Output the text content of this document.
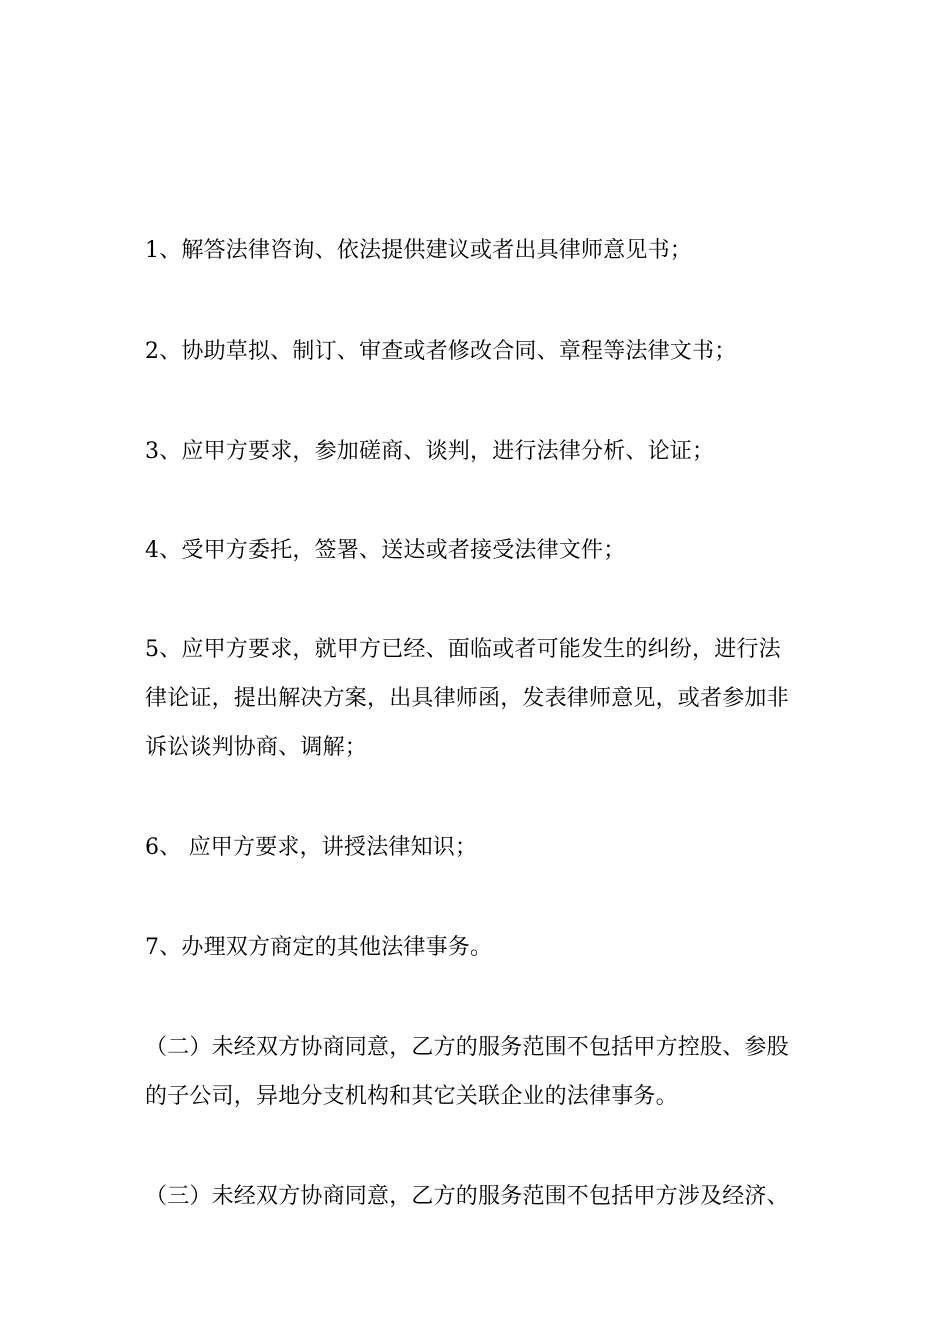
1、解答法律咨询、依法提供建议或者出具律师意见书；
2、协助草拟、制订、审查或者修改合同、章程等法律文书；
3、应甲方要求，参加磋商、谈判，进行法律分析、论证；
4、受甲方委托，签署、送达或者接受法律文件；
5、应甲方要求，就甲方已经、面临或者可能发生的纠纷，进行法
律论证，提出解决方案，出具律师函，发表律师意见，或者参加非
诉讼谈判协商、调解；
6、 应甲方要求，讲授法律知识；
7、办理双方商定的其他法律事务。
（二）未经双方协商同意，乙方的服务范围不包括甲方控股、参股
的子公司，异地分支机构和其它关联企业的法律事务。
（三）未经双方协商同意，乙方的服务范围不包括甲方涉及经济、
